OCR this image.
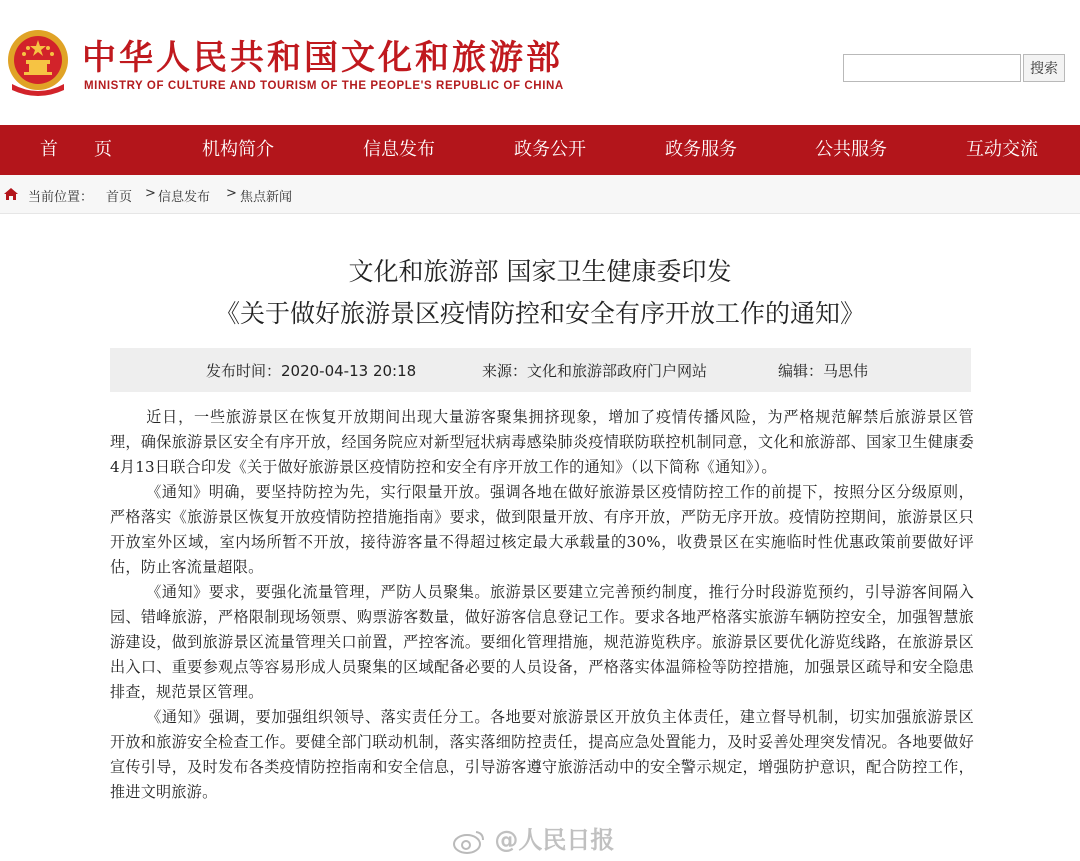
中华人民共和国文化和旅游部
MINISTRY OF CULTURE AND TOURISM OF THE PEOPLE'S REPUBLIC OF CHINA
搜索
首　　页	机构简介	信息发布	政务公开	政务服务	公共服务	互动交流
当前位置： 首页 > 信息发布 > 焦点新闻
文化和旅游部 国家卫生健康委印发
《关于做好旅游景区疫情防控和安全有序开放工作的通知》
发布时间：2020-04-13 20:18	来源：文化和旅游部政府门户网站	编辑：马思伟

近日，一些旅游景区在恢复开放期间出现大量游客聚集拥挤现象，增加了疫情传播风险，为严格规范解禁后旅游景区管理，确保旅游景区安全有序开放，经国务院应对新型冠状病毒感染肺炎疫情联防联控机制同意，文化和旅游部、国家卫生健康委4月13日联合印发《关于做好旅游景区疫情防控和安全有序开放工作的通知》（以下简称《通知》）。

《通知》明确，要坚持防控为先，实行限量开放。强调各地在做好旅游景区疫情防控工作的前提下，按照分区分级原则，严格落实《旅游景区恢复开放疫情防控措施指南》要求，做到限量开放、有序开放，严防无序开放。疫情防控期间，旅游景区只开放室外区域，室内场所暂不开放，接待游客量不得超过核定最大承载量的30%，收费景区在实施临时性优惠政策前要做好评估，防止客流量超限。

《通知》要求，要强化流量管理，严防人员聚集。旅游景区要建立完善预约制度，推行分时段游览预约，引导游客间隔入园、错峰旅游，严格限制现场领票、购票游客数量，做好游客信息登记工作。要求各地严格落实旅游车辆防控安全，加强智慧旅游建设，做到旅游景区流量管理关口前置，严控客流。要细化管理措施，规范游览秩序。旅游景区要优化游览线路，在旅游景区出入口、重要参观点等容易形成人员聚集的区域配备必要的人员设备，严格落实体温筛检等防控措施，加强景区疏导和安全隐患排查，规范景区管理。

《通知》强调，要加强组织领导、落实责任分工。各地要对旅游景区开放负主体责任，建立督导机制，切实加强旅游景区开放和旅游安全检查工作。要健全部门联动机制，落实落细防控责任，提高应急处置能力，及时妥善处理突发情况。各地要做好宣传引导，及时发布各类疫情防控指南和安全信息，引导游客遵守旅游活动中的安全警示规定，增强防护意识，配合防控工作，推进文明旅游。

@人民日报
